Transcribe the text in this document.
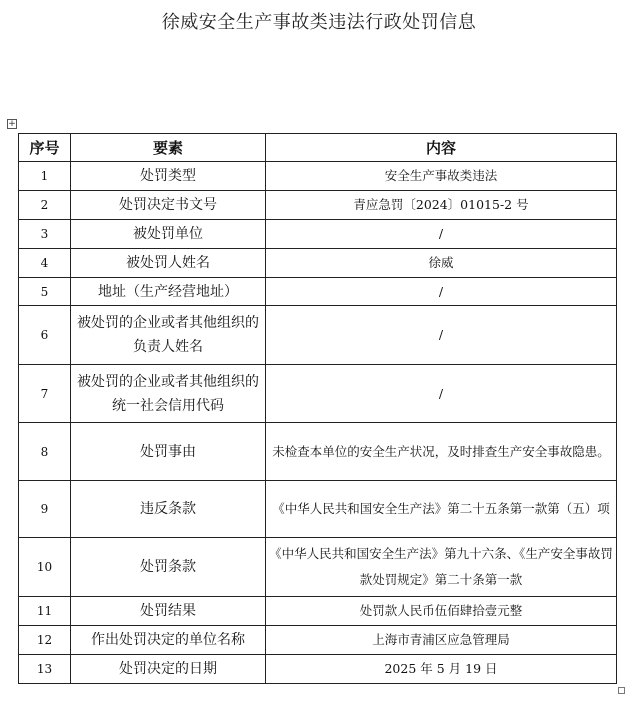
徐威安全生产事故类违法行政处罚信息
+
序号	要素	内容
1	处罚类型	安全生产事故类违法
2	处罚决定书文号	青应急罚〔2024〕01015-2 号
3	被处罚单位	/
4	被处罚人姓名	徐威
5	地址（生产经营地址）	/
6	被处罚的企业或者其他组织的负责人姓名	/
7	被处罚的企业或者其他组织的统一社会信用代码	/
8	处罚事由	未检查本单位的安全生产状况，及时排查生产安全事故隐患。
9	违反条款	《中华人民共和国安全生产法》第二十五条第一款第（五）项
10	处罚条款	《中华人民共和国安全生产法》第九十六条、《生产安全事故罚款处罚规定》第二十条第一款
11	处罚结果	处罚款人民币伍佰肆拾壹元整
12	作出处罚决定的单位名称	上海市青浦区应急管理局
13	处罚决定的日期	2025 年 5 月 19 日
